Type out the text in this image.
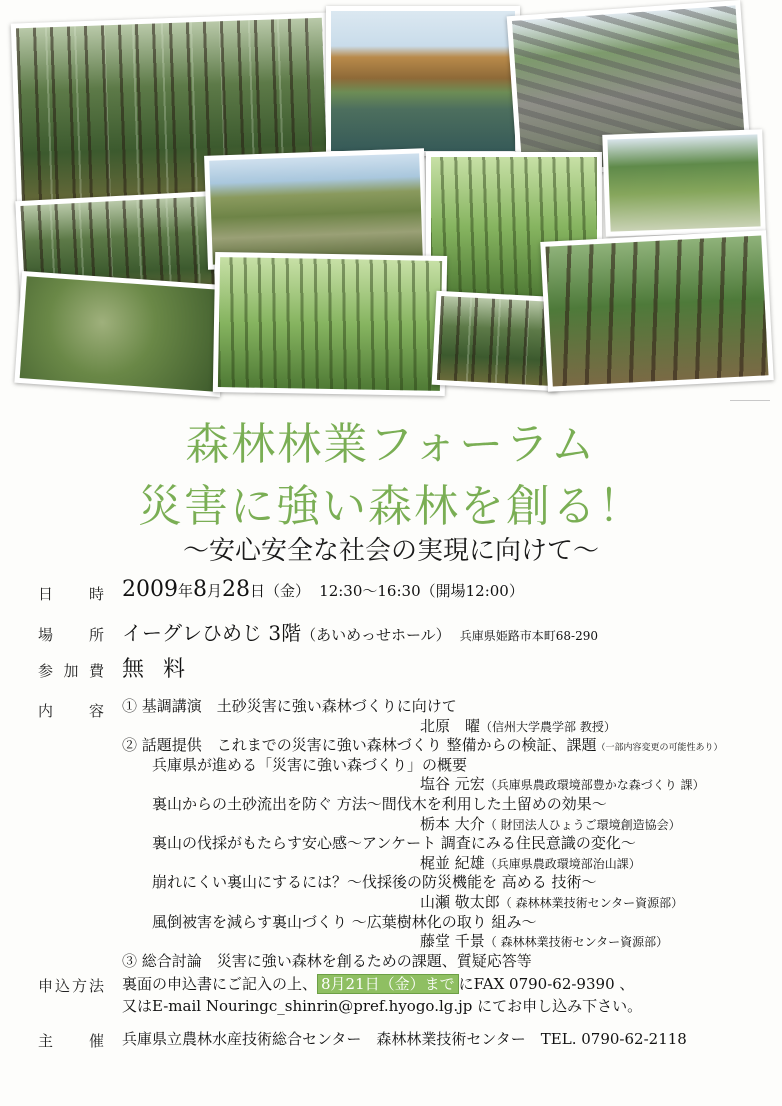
森林林業フォーラム
災害に強い森林を創る！
～安心安全な社会の実現に向けて～
日時 2009年8月28日（金） 12:30～16:30（開場12:00）
場所 イーグレひめじ 3階（あいめっせホール） 兵庫県姫路市本町68-290
参加費 無 料
内容 ① 基調講演　土砂災害に強い森林づくりに向けて
北原　曜（信州大学農学部 教授）
② 話題提供　これまでの災害に強い森林づくり 整備からの検証、課題（一部内容変更の可能性あり）
兵庫県が進める「災害に強い森づくり」の概要
塩谷 元宏（兵庫県農政環境部豊かな森づくり 課）
裏山からの土砂流出を防ぐ 方法～間伐木を利用した土留めの効果～
栃本 大介（ 財団法人ひょうご環境創造協会）
裏山の伐採がもたらす安心感～アンケート 調査にみる住民意識の変化～
梶並 紀雄（兵庫県農政環境部治山課）
崩れにくい裏山にするには？～伐採後の防災機能を 高める 技術～
山瀬 敬太郎（ 森林林業技術センター資源部）
風倒被害を減らす裏山づくり ～広葉樹林化の取り 組み～
藤堂 千景（ 森林林業技術センター資源部）
③ 総合討論　災害に強い森林を創るための課題、質疑応答等
申込方法 裏面の申込書にご記入の上、 8月21日（金）まで にFAX 0790-62-9390 、
又はE-mail Nouringc_shinrin@pref.hyogo.lg.jp にてお申し込み下さい。
主催 兵庫県立農林水産技術総合センター　森林林業技術センター　TEL. 0790-62-2118
